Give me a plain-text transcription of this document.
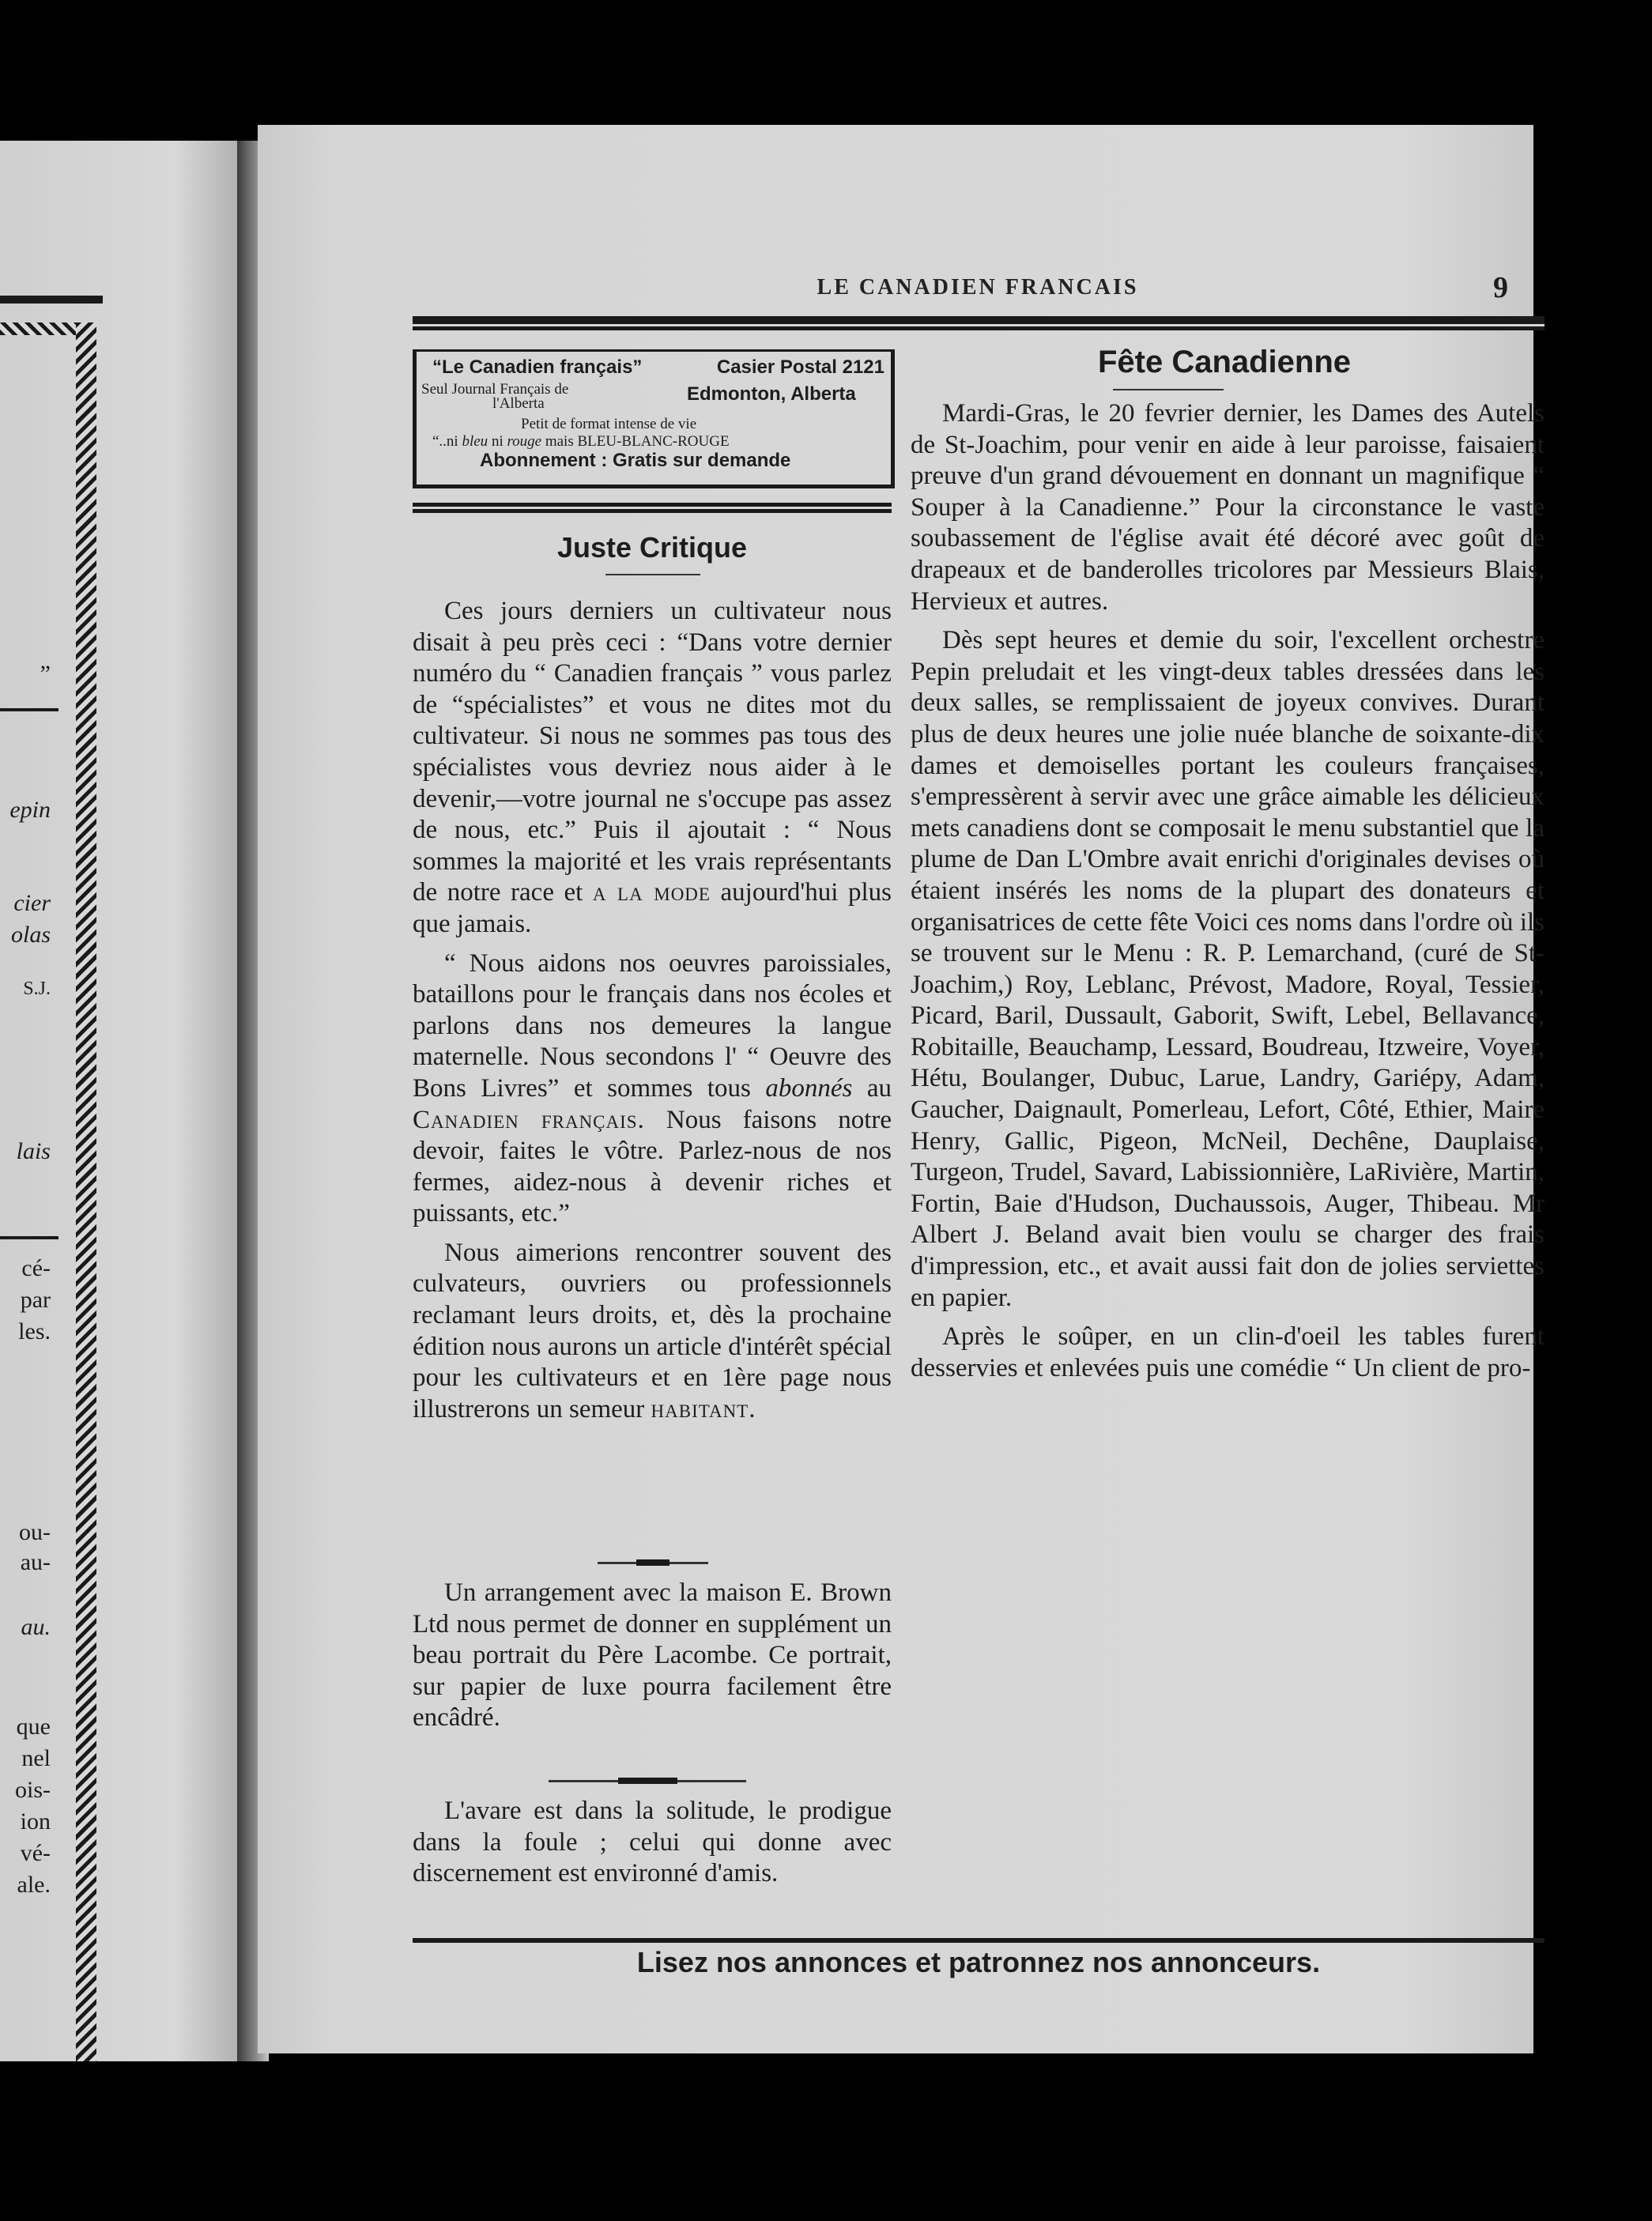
”
epin
cier
olas
S.J.
lais
cé-
par
les.
ou-
au-
au.
que
nel
ois-
ion
vé-
ale.
LE CANADIEN FRANCAIS	9
“Le Canadien français”	Casier Postal 2121
Seul Journal Français de
l'Alberta	Edmonton, Alberta
Petit de format intense de vie
“..ni bleu ni rouge mais BLEU-BLANC-ROUGE
Abonnement : Gratis sur demande
Juste Critique

Ces jours derniers un cultivateur nous disait à peu près ceci : “Dans votre dernier numéro du “ Canadien français ” vous parlez de “spécialistes” et vous ne dites mot du cultivateur. Si nous ne sommes pas tous des spécialistes vous devriez nous aider à le devenir,—votre journal ne s'occupe pas assez de nous, etc.” Puis il ajoutait : “ Nous sommes la majorité et les vrais représentants de notre race et a la mode aujourd'hui plus que jamais.

“ Nous aidons nos oeuvres paroissiales, bataillons pour le français dans nos écoles et parlons dans nos demeures la langue maternelle. Nous secondons l' “ Oeuvre des Bons Livres” et sommes tous abonnés au Canadien français. Nous faisons notre devoir, faites le vôtre. Parlez-nous de nos fermes, aidez-nous à devenir riches et puissants, etc.”

Nous aimerions rencontrer souvent des culvateurs, ouvriers ou professionnels reclamant leurs droits, et, dès la prochaine édition nous aurons un article d'intérêt spécial pour les cultivateurs et en 1ère page nous illustrerons un semeur habitant.

Un arrangement avec la maison E. Brown Ltd nous permet de donner en supplément un beau portrait du Père Lacombe. Ce portrait, sur papier de luxe pourra facilement être encâdré.

L'avare est dans la solitude, le prodigue dans la foule ; celui qui donne avec discernement est environné d'amis.

Fête Canadienne

Mardi-Gras, le 20 fevrier dernier, les Dames des Autels de St-Joachim, pour venir en aide à leur paroisse, faisaient preuve d'un grand dévouement en donnant un magnifique “ Souper à la Canadienne.” Pour la circonstance le vaste soubassement de l'église avait été décoré avec goût de drapeaux et de banderolles tricolores par Messieurs Blais, Hervieux et autres.

Dès sept heures et demie du soir, l'excellent orchestre Pepin preludait et les vingt-deux tables dressées dans les deux salles, se remplissaient de joyeux convives. Durant plus de deux heures une jolie nuée blanche de soixante-dix dames et demoiselles portant les couleurs françaises, s'empressèrent à servir avec une grâce aimable les délicieux mets canadiens dont se composait le menu substantiel que la plume de Dan L'Ombre avait enrichi d'originales devises où étaient insérés les noms de la plupart des donateurs et organisatrices de cette fête Voici ces noms dans l'ordre où ils se trouvent sur le Menu : R. P. Lemarchand, (curé de St-Joachim,) Roy, Leblanc, Prévost, Madore, Royal, Tessier, Picard, Baril, Dussault, Gaborit, Swift, Lebel, Bellavance, Robitaille, Beauchamp, Lessard, Boudreau, Itzweire, Voyer, Hétu, Boulanger, Dubuc, Larue, Landry, Gariépy, Adam, Gaucher, Daignault, Pomerleau, Lefort, Côté, Ethier, Maire Henry, Gallic, Pigeon, McNeil, Dechêne, Dauplaise, Turgeon, Trudel, Savard, Labissionnière, LaRivière, Martin, Fortin, Baie d'Hudson, Duchaussois, Auger, Thibeau. Mr Albert J. Beland avait bien voulu se charger des frais d'impression, etc., et avait aussi fait don de jolies serviettes en papier.

Après le soûper, en un clin-d'oeil les tables furent desservies et enlevées puis une comédie “ Un client de pro-

Lisez nos annonces et patronnez nos annonceurs.
